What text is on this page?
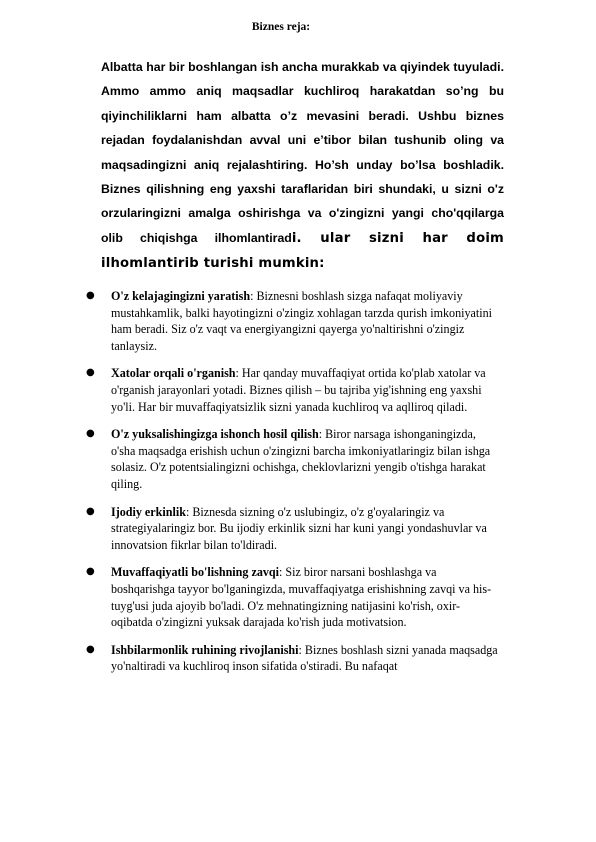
Biznes reja:

Albatta har bir boshlangan ish ancha murakkab va qiyindek tuyuladi. Ammo ammo aniq maqsadlar kuchliroq harakatdan so’ng bu qiyinchiliklarni ham albatta o’z mevasini beradi. Ushbu biznes rejadan foydalanishdan avval uni e’tibor bilan tushunib oling va maqsadingizni aniq rejalashtiring. Ho’sh unday bo’lsa boshladik. Biznes qilishning eng yaxshi taraflaridan biri shundaki, u sizni o'z orzularingizni amalga oshirishga va o'zingizni yangi cho'qqilarga olib chiqishga ilhomlantiradi. ular sizni har doim ilhomlantirib turishi mumkin:

● O'z kelajagingizni yaratish: Biznesni boshlash sizga nafaqat moliyaviy mustahkamlik, balki hayotingizni o'zingiz xohlagan tarzda qurish imkoniyatini ham beradi. Siz o'z vaqt va energiyangizni qayerga yo'naltirishni o'zingiz tanlaysiz.
● Xatolar orqali o'rganish: Har qanday muvaffaqiyat ortida ko'plab xatolar va o'rganish jarayonlari yotadi. Biznes qilish – bu tajriba yig'ishning eng yaxshi yo'li. Har bir muvaffaqiyatsizlik sizni yanada kuchliroq va aqlliroq qiladi.
● O'z yuksalishingizga ishonch hosil qilish: Biror narsaga ishonganingizda, o'sha maqsadga erishish uchun o'zingizni barcha imkoniyatlaringiz bilan ishga solasiz. O'z potentsialingizni ochishga, cheklovlarizni yengib o'tishga harakat qiling.
● Ijodiy erkinlik: Biznesda sizning o'z uslubingiz, o'z g'oyalaringiz va strategiyalaringiz bor. Bu ijodiy erkinlik sizni har kuni yangi yondashuvlar va innovatsion fikrlar bilan to'ldiradi.
● Muvaffaqiyatli bo'lishning zavqi: Siz biror narsani boshlashga va boshqarishga tayyor bo'lganingizda, muvaffaqiyatga erishishning zavqi va his-tuyg'usi juda ajoyib bo'ladi. O'z mehnatingizning natijasini ko'rish, oxir-oqibatda o'zingizni yuksak darajada ko'rish juda motivatsion.
● Ishbilarmonlik ruhining rivojlanishi: Biznes boshlash sizni yanada maqsadga yo'naltiradi va kuchliroq inson sifatida o'stiradi. Bu nafaqat
